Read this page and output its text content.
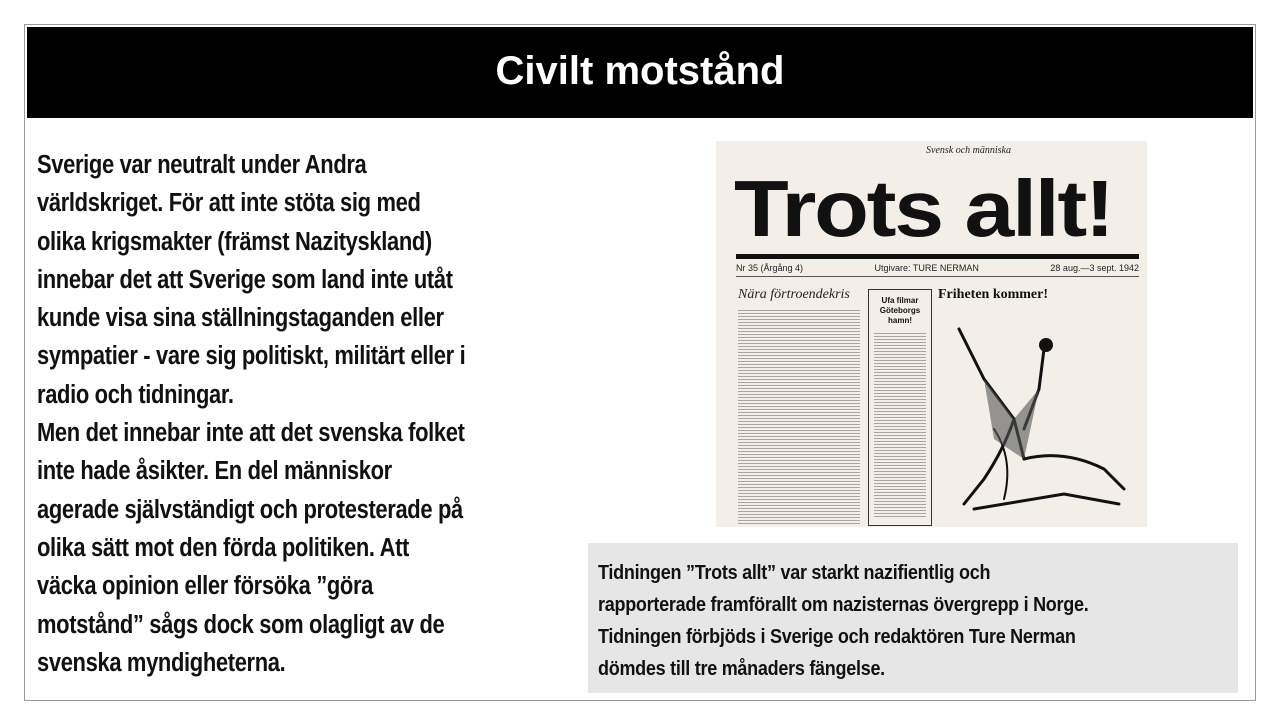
Civilt motstånd
Sverige var neutralt under Andra
världskriget. För att inte stöta sig med
olika krigsmakter (främst Nazityskland)
innebar det att Sverige som land inte utåt
kunde visa sina ställningstaganden eller
sympatier - vare sig politiskt, militärt eller i
radio och tidningar.
Men det innebar inte att det svenska folket
inte hade åsikter. En del människor
agerade självständigt och protesterade på
olika sätt mot den förda politiken. Att
väcka opinion eller försöka ”göra
motstånd” sågs dock som olagligt av de
svenska myndigheterna.
Svensk och människa
Trots allt!
Nr 35 (Årgång 4)	Utgivare: TURE NERMAN	28 aug.—3 sept. 1942
Nära förtroendekris	Ufa filmar Göteborgs hamn!
Friheten kommer!
Tidningen ”Trots allt” var starkt nazifientlig och
rapporterade framförallt om nazisternas övergrepp i Norge.
Tidningen förbjöds i Sverige och redaktören Ture Nerman
dömdes till tre månaders fängelse.
